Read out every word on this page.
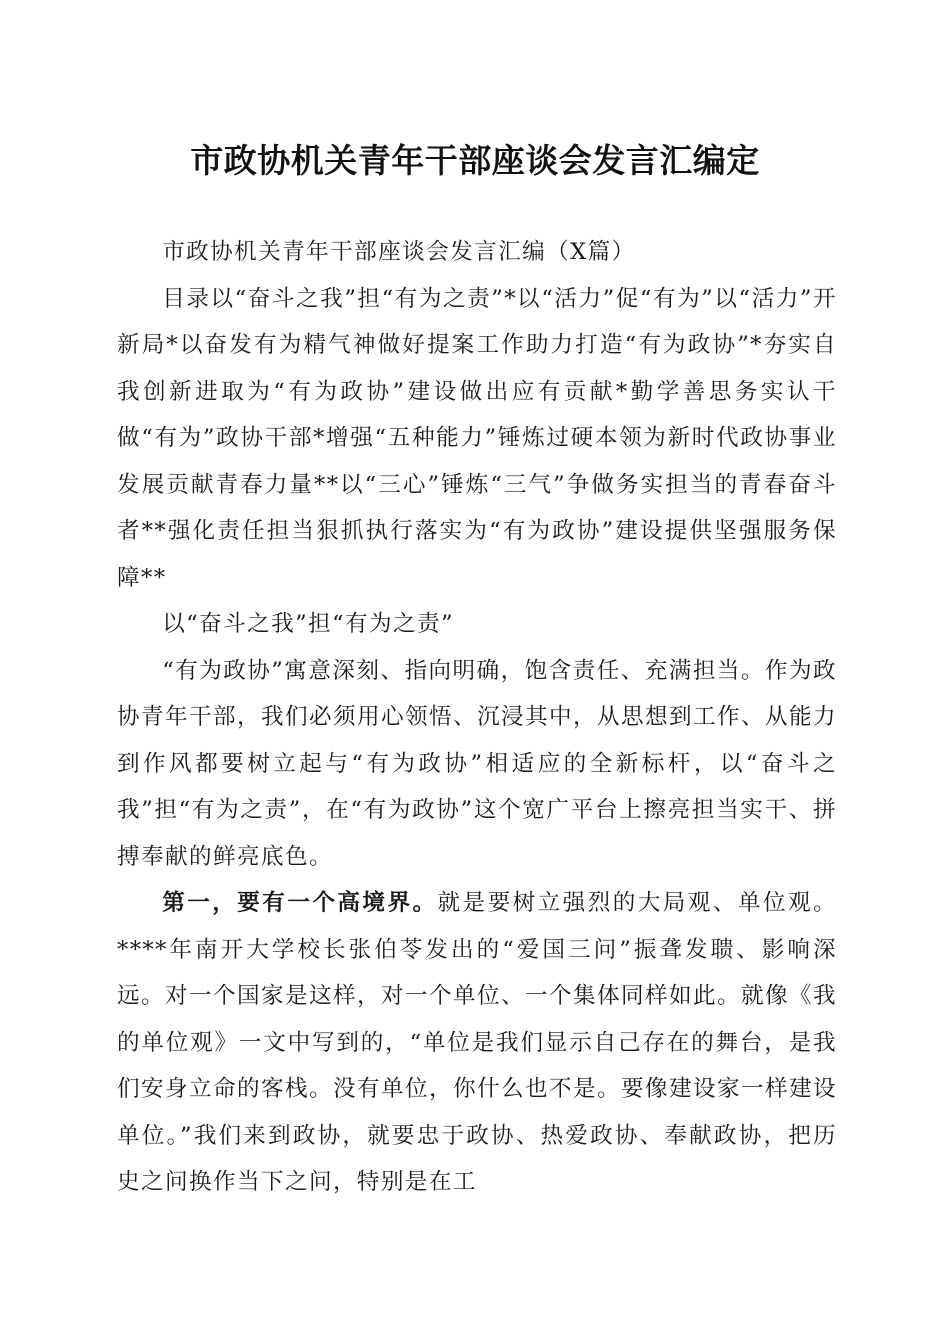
市政协机关青年干部座谈会发言汇编定

市政协机关青年干部座谈会发言汇编（X篇）

目录以“奋斗之我”担“有为之责”*以“活力”促“有为”以“活力”开新局*以奋发有为精气神做好提案工作助力打造“有为政协”*夯实自我创新进取为“有为政协”建设做出应有贡献*勤学善思务实认干做“有为”政协干部*增强“五种能力”锤炼过硬本领为新时代政协事业发展贡献青春力量**以“三心”锤炼“三气”争做务实担当的青春奋斗者**强化责任担当狠抓执行落实为“有为政协”建设提供坚强服务保障**

以“奋斗之我”担“有为之责”

“有为政协”寓意深刻、指向明确，饱含责任、充满担当。作为政协青年干部，我们必须用心领悟、沉浸其中，从思想到工作、从能力到作风都要树立起与“有为政协”相适应的全新标杆，以“奋斗之我”担“有为之责”，在“有为政协”这个宽广平台上擦亮担当实干、拼搏奉献的鲜亮底色。

第一，要有一个高境界。就是要树立强烈的大局观、单位观。****年南开大学校长张伯苓发出的“爱国三问”振聋发聩、影响深远。对一个国家是这样，对一个单位、一个集体同样如此。就像《我的单位观》一文中写到的，“单位是我们显示自己存在的舞台，是我们安身立命的客栈。没有单位，你什么也不是。要像建设家一样建设单位。”我们来到政协，就要忠于政协、热爱政协、奉献政协，把历史之问换作当下之问，特别是在工
